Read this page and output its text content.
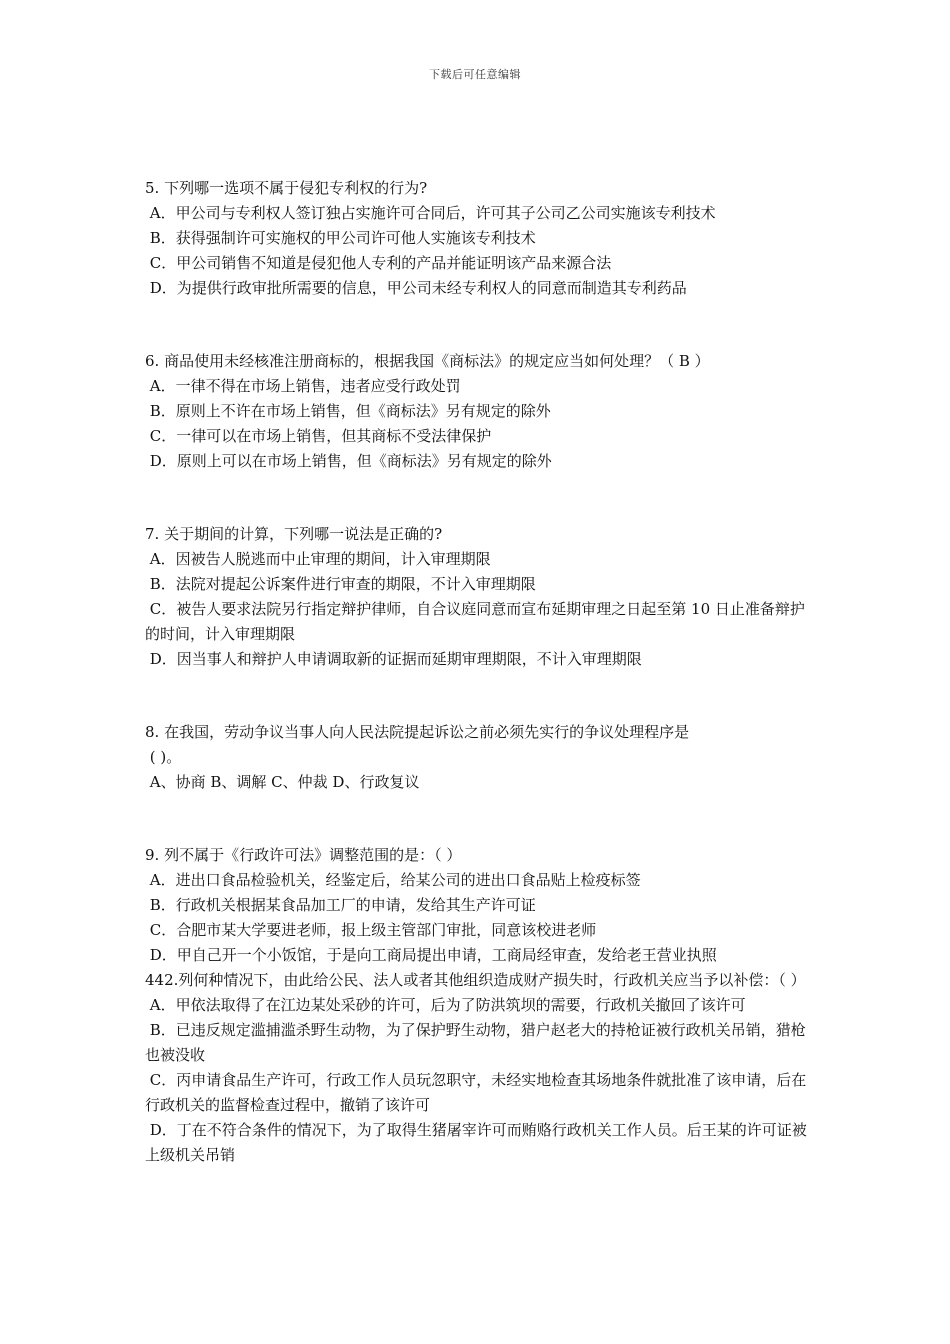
下载后可任意编辑
5. 下列哪一选项不属于侵犯专利权的行为?
A．甲公司与专利权人签订独占实施许可合同后，许可其子公司乙公司实施该专利技术
B．获得强制许可实施权的甲公司许可他人实施该专利技术
C．甲公司销售不知道是侵犯他人专利的产品并能证明该产品来源合法
D．为提供行政审批所需要的信息，甲公司未经专利权人的同意而制造其专利药品
6. 商品使用未经核准注册商标的，根据我国《商标法》的规定应当如何处理？（ B ）
A．一律不得在市场上销售，违者应受行政处罚
B．原则上不许在市场上销售，但《商标法》另有规定的除外
C．一律可以在市场上销售，但其商标不受法律保护
D．原则上可以在市场上销售，但《商标法》另有规定的除外
7. 关于期间的计算，下列哪一说法是正确的?
A．因被告人脱逃而中止审理的期间，计入审理期限
B．法院对提起公诉案件进行审查的期限，不计入审理期限
C．被告人要求法院另行指定辩护律师，自合议庭同意而宣布延期审理之日起至第 10 日止准备辩护的时间，计入审理期限
D．因当事人和辩护人申请调取新的证据而延期审理期限，不计入审理期限
8. 在我国，劳动争议当事人向人民法院提起诉讼之前必须先实行的争议处理程序是
( )。
A、协商 B、调解 C、仲裁 D、行政复议
9. 列不属于《行政许可法》调整范围的是：（ ）
A．进出口食品检验机关，经鉴定后，给某公司的进出口食品贴上检疫标签
B．行政机关根据某食品加工厂的申请，发给其生产许可证
C．合肥市某大学要进老师，报上级主管部门审批，同意该校进老师
D．甲自己开一个小饭馆，于是向工商局提出申请，工商局经审查，发给老王营业执照
442.列何种情况下，由此给公民、法人或者其他组织造成财产损失时，行政机关应当予以补偿：（ ）
A．甲依法取得了在江边某处采砂的许可，后为了防洪筑坝的需要，行政机关撤回了该许可
B．已违反规定滥捕滥杀野生动物，为了保护野生动物，猎户赵老大的持枪证被行政机关吊销，猎枪也被没收
C．丙申请食品生产许可，行政工作人员玩忽职守，未经实地检查其场地条件就批准了该申请，后在行政机关的监督检查过程中，撤销了该许可
D．丁在不符合条件的情况下，为了取得生猪屠宰许可而贿赂行政机关工作人员。后王某的许可证被上级机关吊销
